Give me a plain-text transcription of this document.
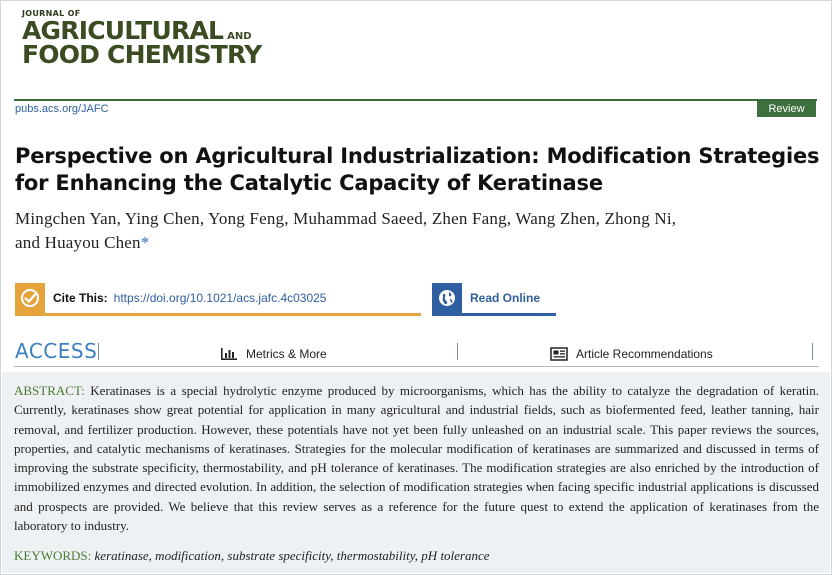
JOURNAL OF
AGRICULTURAL AND
FOOD CHEMISTRY
pubs.acs.org/JAFC	Review
Perspective on Agricultural Industrialization: Modification Strategies for Enhancing the Catalytic Capacity of Keratinase
Mingchen Yan, Ying Chen, Yong Feng, Muhammad Saeed, Zhen Fang, Wang Zhen, Zhong Ni,
and Huayou Chen*
Cite This: https://doi.org/10.1021/acs.jafc.4c03025	Read Online
ACCESS	Metrics & More	Article Recommendations

ABSTRACT: Keratinases is a special hydrolytic enzyme produced by microorganisms, which has the ability to catalyze the degradation of keratin. Currently, keratinases show great potential for application in many agricultural and industrial fields, such as biofermented feed, leather tanning, hair removal, and fertilizer production. However, these potentials have not yet been fully unleashed on an industrial scale. This paper reviews the sources, properties, and catalytic mechanisms of keratinases. Strategies for the molecular modification of keratinases are summarized and discussed in terms of improving the substrate specificity, thermostability, and pH tolerance of keratinases. The modification strategies are also enriched by the introduction of immobilized enzymes and directed evolution. In addition, the selection of modification strategies when facing specific industrial applications is discussed and prospects are provided. We believe that this review serves as a reference for the future quest to extend the application of keratinases from the laboratory to industry.

KEYWORDS: keratinase, modification, substrate specificity, thermostability, pH tolerance
